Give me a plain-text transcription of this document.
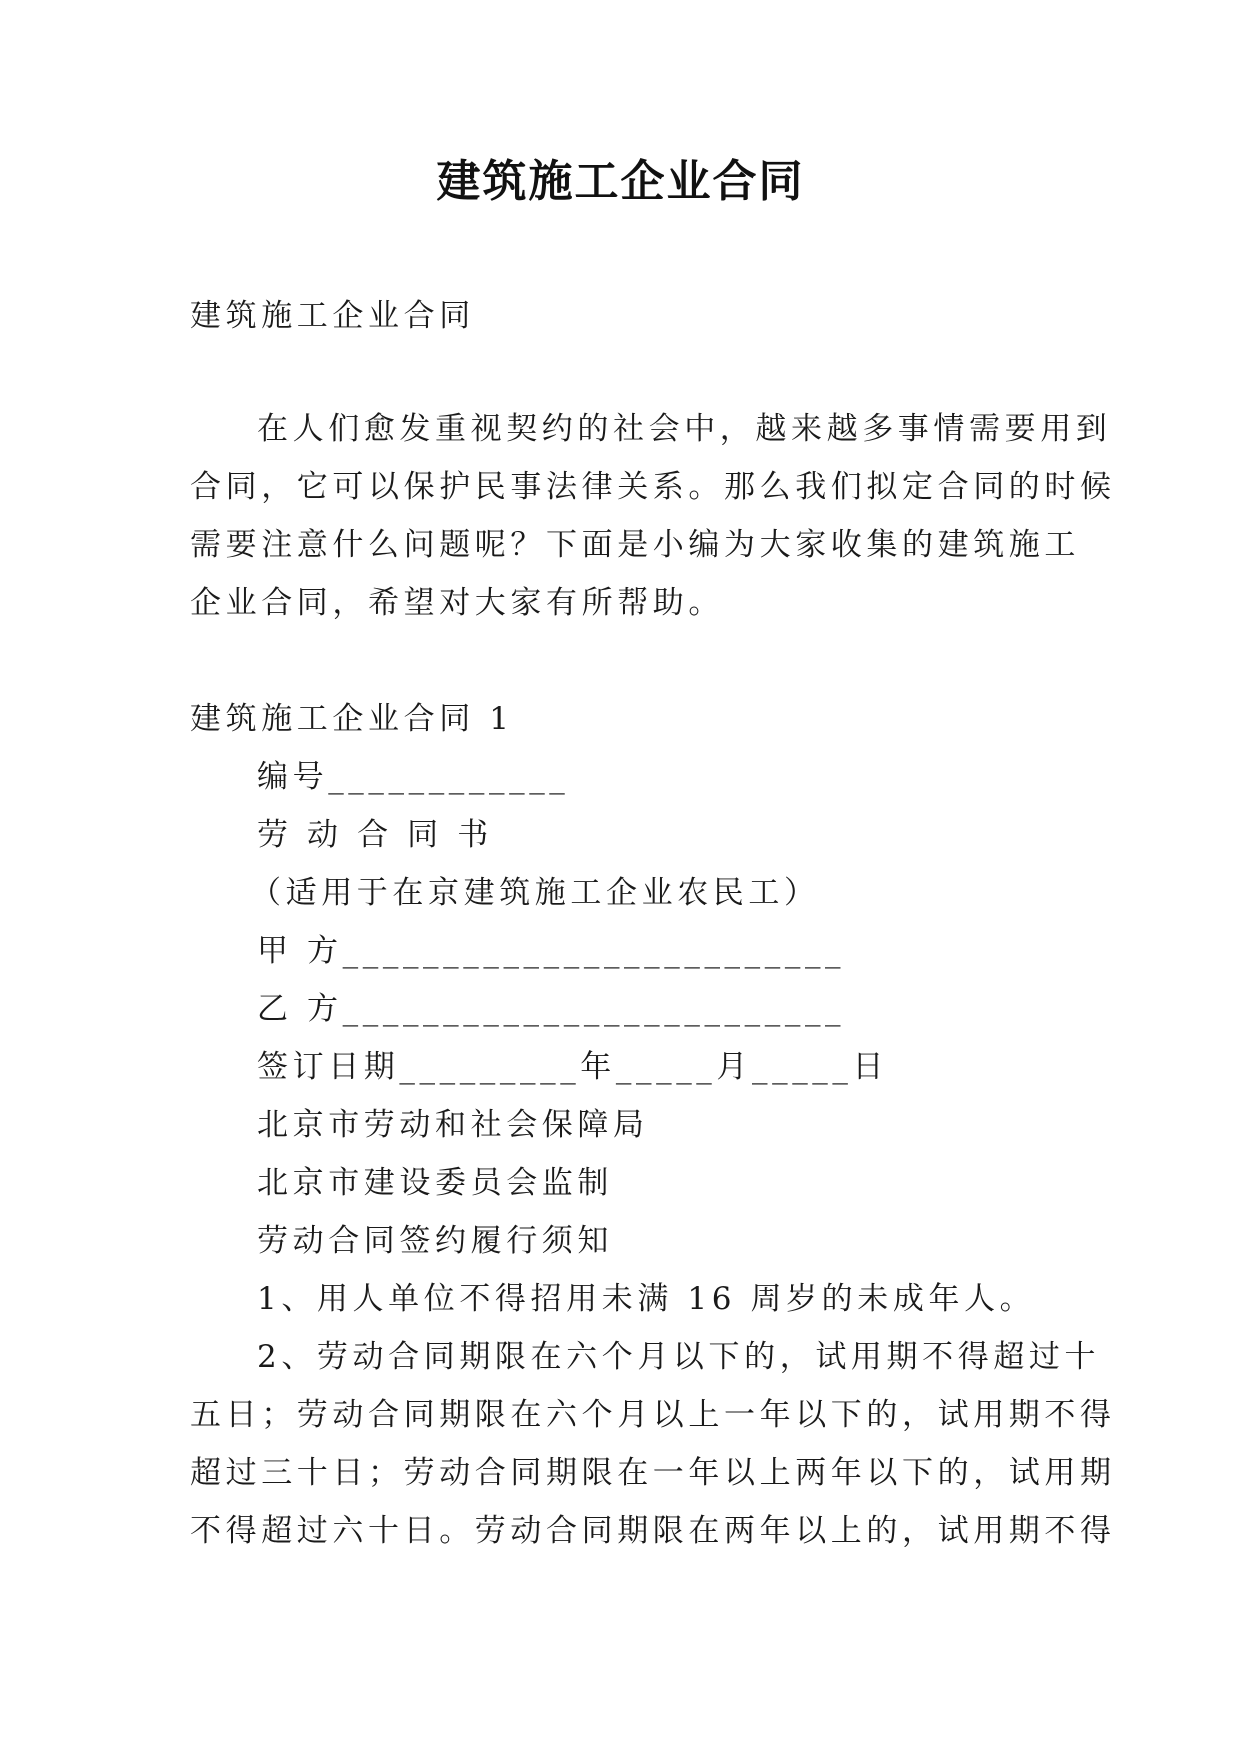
建筑施工企业合同
建筑施工企业合同
在人们愈发重视契约的社会中，越来越多事情需要用到
合同，它可以保护民事法律关系。那么我们拟定合同的时候
需要注意什么问题呢？下面是小编为大家收集的建筑施工
企业合同，希望对大家有所帮助。
建筑施工企业合同 1
编号____________
劳 动 合 同 书
（适用于在京建筑施工企业农民工）
甲 方_________________________
乙 方_________________________
签订日期_________年_____月_____日
北京市劳动和社会保障局
北京市建设委员会监制
劳动合同签约履行须知
1、用人单位不得招用未满 16 周岁的未成年人。
2、劳动合同期限在六个月以下的，试用期不得超过十
五日；劳动合同期限在六个月以上一年以下的，试用期不得
超过三十日；劳动合同期限在一年以上两年以下的，试用期
不得超过六十日。劳动合同期限在两年以上的，试用期不得
